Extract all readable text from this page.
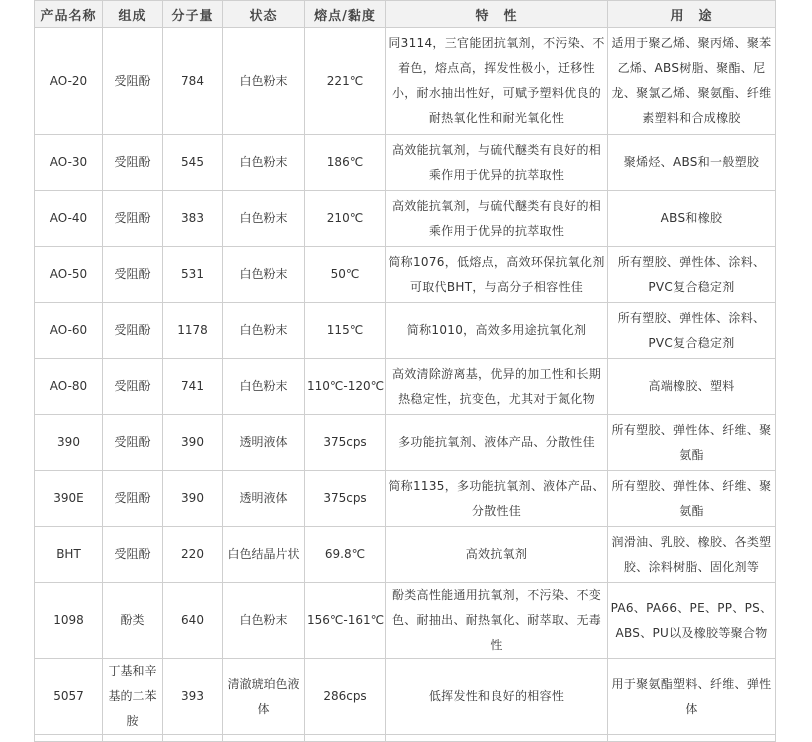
产品名称	组成	分子量	状态	熔点/黏度	特　性	用　途
AO-20	受阻酚	784	白色粉末	221℃	同3114，三官能团抗氧剂，不污染、不着色，熔点高，挥发性极小，迁移性小，耐水抽出性好，可赋予塑料优良的耐热氧化性和耐光氧化性	适用于聚乙烯、聚丙烯、聚苯乙烯、ABS树脂、聚酯、尼龙、聚氯乙烯、聚氨酯、纤维素塑料和合成橡胶
AO-30	受阻酚	545	白色粉末	186℃	高效能抗氧剂，与硫代醚类有良好的相乘作用于优异的抗萃取性	聚烯烃、ABS和一般塑胶
AO-40	受阻酚	383	白色粉末	210℃	高效能抗氧剂，与硫代醚类有良好的相乘作用于优异的抗萃取性	ABS和橡胶
AO-50	受阻酚	531	白色粉末	50℃	简称1076，低熔点，高效环保抗氧化剂可取代BHT，与高分子相容性佳	所有塑胶、弹性体、涂料、PVC复合稳定剂
AO-60	受阻酚	1178	白色粉末	115℃	简称1010，高效多用途抗氧化剂	所有塑胶、弹性体、涂料、PVC复合稳定剂
AO-80	受阻酚	741	白色粉末	110℃-120℃	高效清除游离基，优异的加工性和长期热稳定性，抗变色，尤其对于氮化物	高端橡胶、塑料
390	受阻酚	390	透明液体	375cps	多功能抗氧剂、液体产品、分散性佳	所有塑胶、弹性体、纤维、聚氨酯
390E	受阻酚	390	透明液体	375cps	简称1135，多功能抗氧剂、液体产品、分散性佳	所有塑胶、弹性体、纤维、聚氨酯
BHT	受阻酚	220	白色结晶片状	69.8℃	高效抗氧剂	润滑油、乳胶、橡胶、各类塑胶、涂料树脂、固化剂等
1098	酚类	640	白色粉末	156℃-161℃	酚类高性能通用抗氧剂，不污染、不变色、耐抽出、耐热氧化、耐萃取、无毒性	PA6、PA66、PE、PP、PS、ABS、PU以及橡胶等聚合物
5057	丁基和辛基的二苯胺	393	清澈琥珀色液体	286cps	低挥发性和良好的相容性	用于聚氨酯塑料、纤维、弹性体
